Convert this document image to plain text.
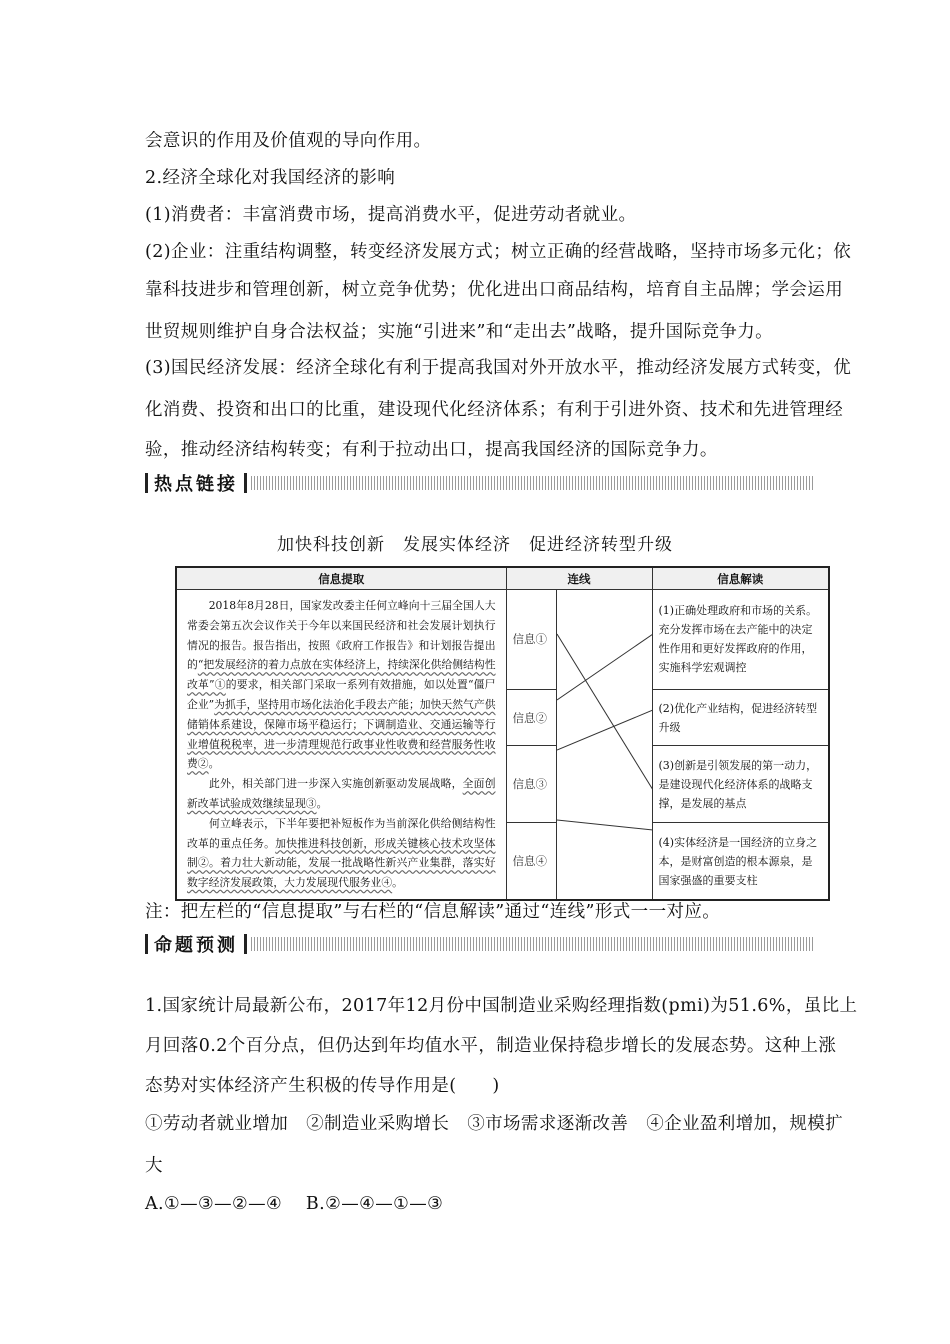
会意识的作用及价值观的导向作用。
2.经济全球化对我国经济的影响
(1)消费者：丰富消费市场，提高消费水平，促进劳动者就业。
(2)企业：注重结构调整，转变经济发展方式；树立正确的经营战略，坚持市场多元化；依
靠科技进步和管理创新，树立竞争优势；优化进出口商品结构，培育自主品牌；学会运用
世贸规则维护自身合法权益；实施“引进来”和“走出去”战略，提升国际竞争力。
(3)国民经济发展：经济全球化有利于提高我国对外开放水平，推动经济发展方式转变，优
化消费、投资和出口的比重，建设现代化经济体系；有利于引进外资、技术和先进管理经
验，推动经济结构转变；有利于拉动出口，提高我国经济的国际竞争力。
热点链接
加快科技创新　发展实体经济　促进经济转型升级
信息提取	连线		信息解读
　　2018年8月28日，国家发改委主任何立峰向十三届全国人大常委会第五次会议作关于今年以来国民经济和社会发展计划执行情况的报告。报告指出，按照《政府工作报告》和计划报告提出的“把发展经济的着力点放在实体经济上，持续深化供给侧结构性改革”①的要求，相关部门采取一系列有效措施，如以处置“僵尸企业”为抓手，坚持用市场化法治化手段去产能；加快天然气产供储销体系建设，保障市场平稳运行；下调制造业、交通运输等行业增值税税率，进一步清理规范行政事业性收费和经营服务性收费②。
　　此外，相关部门进一步深入实施创新驱动发展战略，全面创新改革试验成效继续显现③。
　　何立峰表示，下半年要把补短板作为当前深化供给侧结构性改革的重点任务。加快推进科技创新，形成关键核心技术攻坚体制②。着力壮大新动能，发展一批战略性新兴产业集群，落实好数字经济发展政策，大力发展现代服务业④。	信息①		(1)正确处理政府和市场的关系。充分发挥市场在去产能中的决定性作用和更好发挥政府的作用，实施科学宏观调控
	信息②		(2)优化产业结构，促进经济转型升级
	信息③		(3)创新是引领发展的第一动力，是建设现代化经济体系的战略支撑，是发展的基点
	信息④		(4)实体经济是一国经济的立身之本，是财富创造的根本源泉，是国家强盛的重要支柱
注：把左栏的“信息提取”与右栏的“信息解读”通过“连线”形式一一对应。
命题预测
1.国家统计局最新公布，2017年12月份中国制造业采购经理指数(pmi)为51.6%，虽比上
月回落0.2个百分点，但仍达到年均值水平，制造业保持稳步增长的发展态势。这种上涨
态势对实体经济产生积极的传导作用是(　　)
①劳动者就业增加　②制造业采购增长　③市场需求逐渐改善　④企业盈利增加，规模扩
大
A.①—③—②—④　 B.②—④—①—③
